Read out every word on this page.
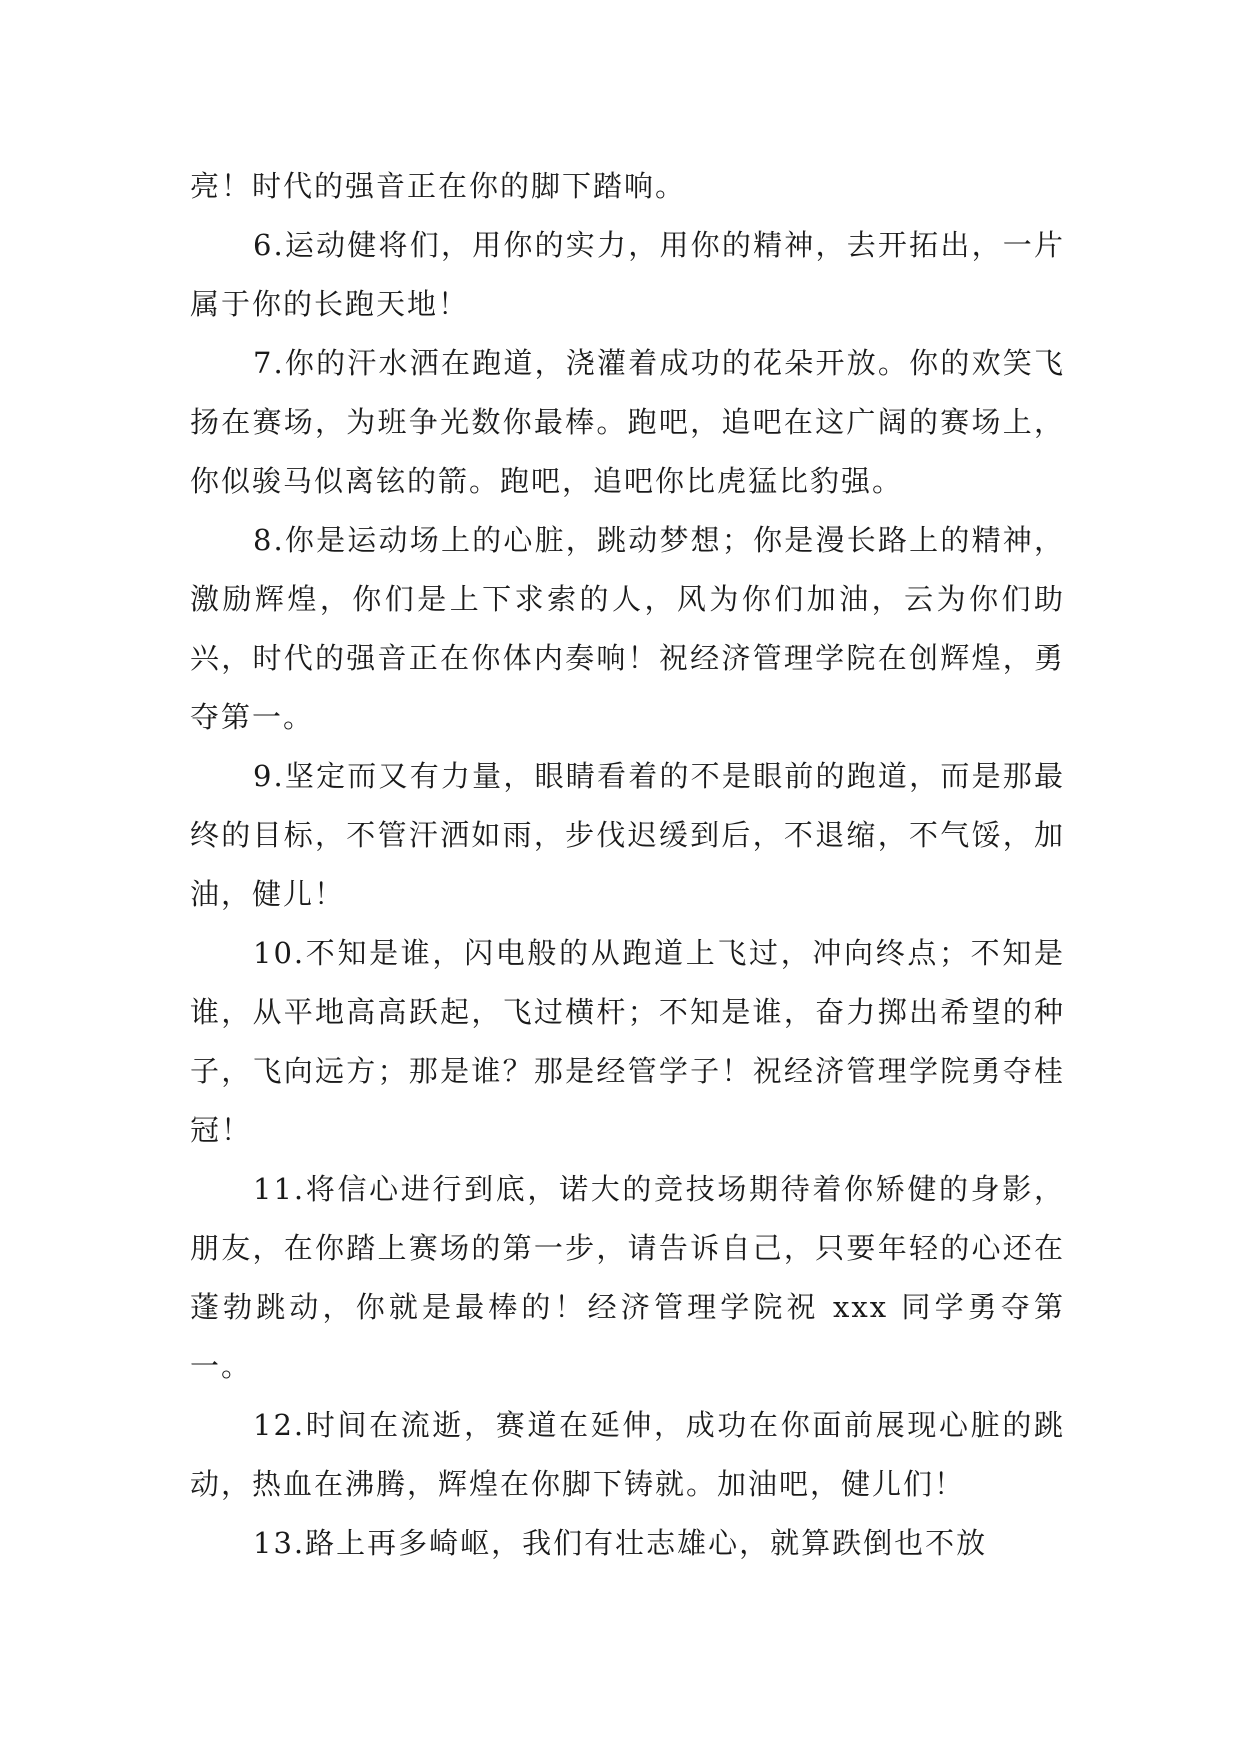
亮！时代的强音正在你的脚下踏响。

6.运动健将们，用你的实力，用你的精神，去开拓出，一片属于你的长跑天地！

7.你的汗水洒在跑道，浇灌着成功的花朵开放。你的欢笑飞扬在赛场，为班争光数你最棒。跑吧，追吧在这广阔的赛场上，你似骏马似离铉的箭。跑吧，追吧你比虎猛比豹强。

8.你是运动场上的心脏，跳动梦想；你是漫长路上的精神，激励辉煌，你们是上下求索的人，风为你们加油，云为你们助兴，时代的强音正在你体内奏响！祝经济管理学院在创辉煌，勇夺第一。

9.坚定而又有力量，眼睛看着的不是眼前的跑道，而是那最终的目标，不管汗洒如雨，步伐迟缓到后，不退缩，不气馁，加油，健儿！

10.不知是谁，闪电般的从跑道上飞过，冲向终点；不知是谁，从平地高高跃起，飞过横杆；不知是谁，奋力掷出希望的种子，飞向远方；那是谁？那是经管学子！祝经济管理学院勇夺桂冠！

11.将信心进行到底，诺大的竞技场期待着你矫健的身影，朋友，在你踏上赛场的第一步，请告诉自己，只要年轻的心还在蓬勃跳动，你就是最棒的！经济管理学院祝 xxx 同学勇夺第一。

12.时间在流逝，赛道在延伸，成功在你面前展现心脏的跳动，热血在沸腾，辉煌在你脚下铸就。加油吧，健儿们！

13.路上再多崎岖，我们有壮志雄心，就算跌倒也不放
